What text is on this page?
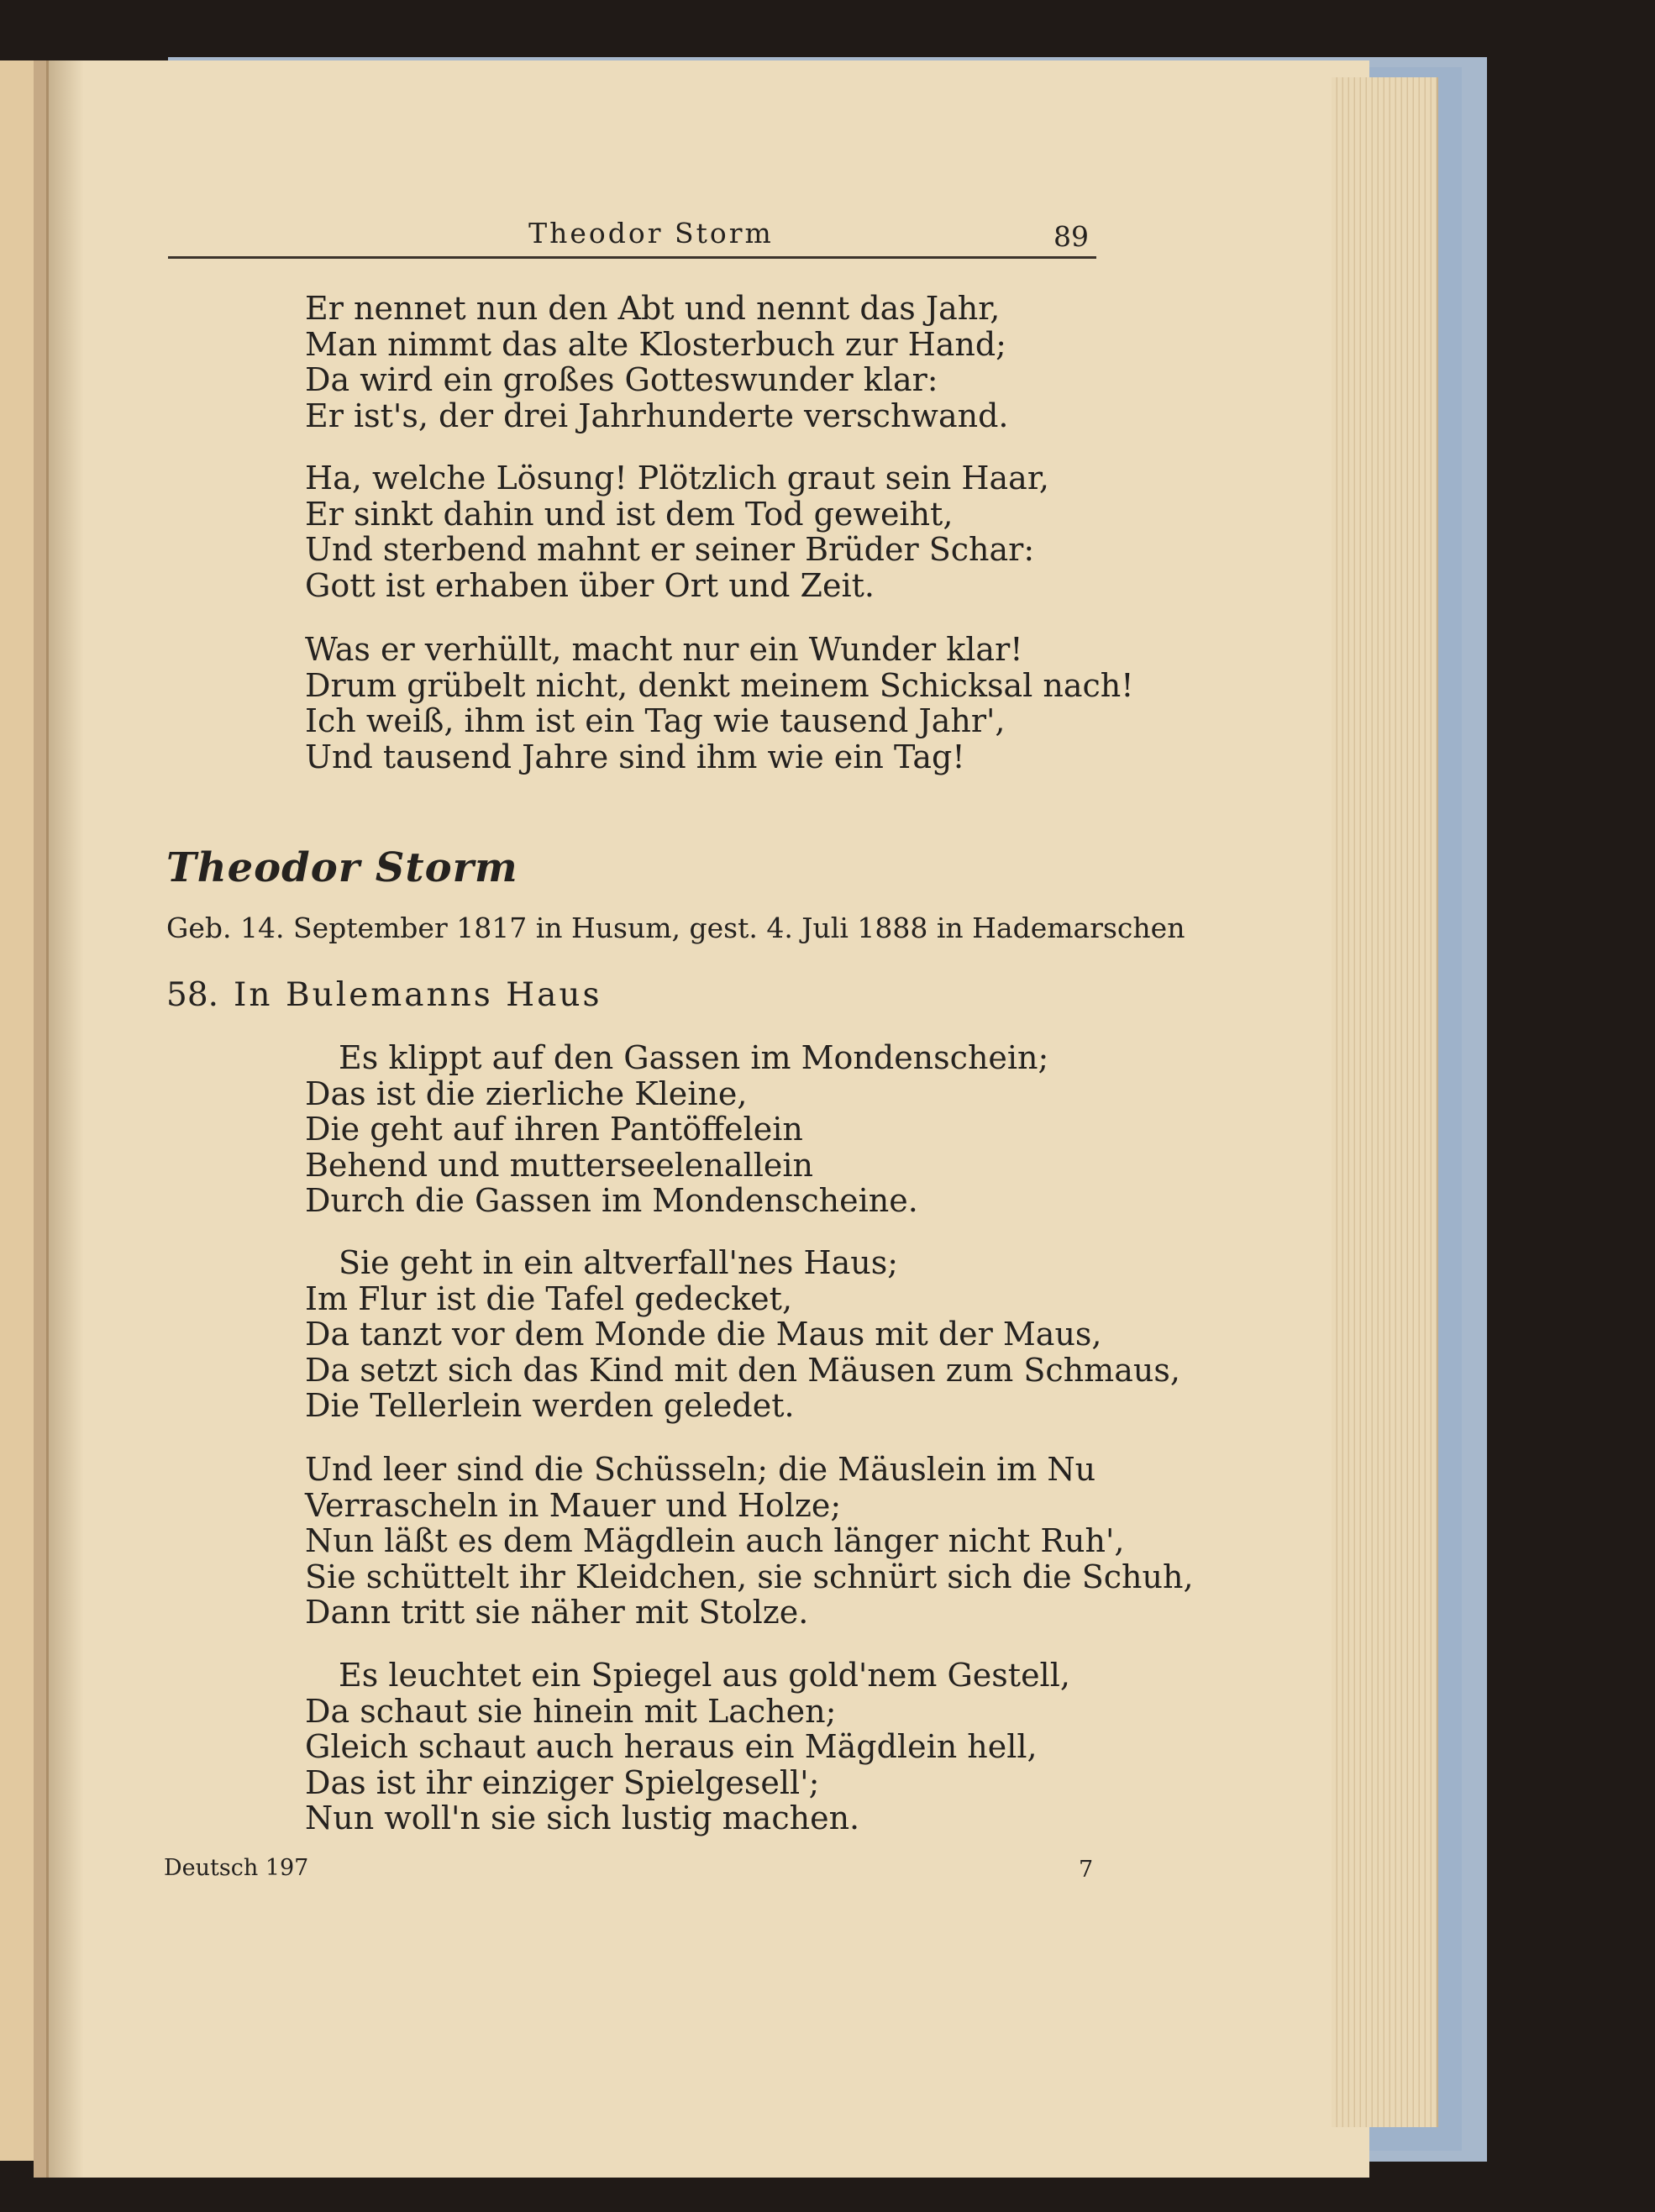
Theodor Storm	89
Er nennet nun den Abt und nennt das Jahr,
Man nimmt das alte Klosterbuch zur Hand;
Da wird ein großes Gotteswunder klar:
Er ist's, der drei Jahrhunderte verschwand.
Ha, welche Lösung! Plötzlich graut sein Haar,
Er sinkt dahin und ist dem Tod geweiht,
Und sterbend mahnt er seiner Brüder Schar:
Gott ist erhaben über Ort und Zeit.
Was er verhüllt, macht nur ein Wunder klar!
Drum grübelt nicht, denkt meinem Schicksal nach!
Ich weiß, ihm ist ein Tag wie tausend Jahr',
Und tausend Jahre sind ihm wie ein Tag!
Theodor Storm
Geb. 14. September 1817 in Husum, gest. 4. Juli 1888 in Hademarschen
58. In Bulemanns Haus
Es klippt auf den Gassen im Mondenschein;
Das ist die zierliche Kleine,
Die geht auf ihren Pantöffelein
Behend und mutterseelenallein
Durch die Gassen im Mondenscheine.
Sie geht in ein altverfall'nes Haus;
Im Flur ist die Tafel gedecket,
Da tanzt vor dem Monde die Maus mit der Maus,
Da setzt sich das Kind mit den Mäusen zum Schmaus,
Die Tellerlein werden geledet.
Und leer sind die Schüsseln; die Mäuslein im Nu
Verrascheln in Mauer und Holze;
Nun läßt es dem Mägdlein auch länger nicht Ruh',
Sie schüttelt ihr Kleidchen, sie schnürt sich die Schuh,
Dann tritt sie näher mit Stolze.
Es leuchtet ein Spiegel aus gold'nem Gestell,
Da schaut sie hinein mit Lachen;
Gleich schaut auch heraus ein Mägdlein hell,
Das ist ihr einziger Spielgesell';
Nun woll'n sie sich lustig machen.
Deutsch 197	7
